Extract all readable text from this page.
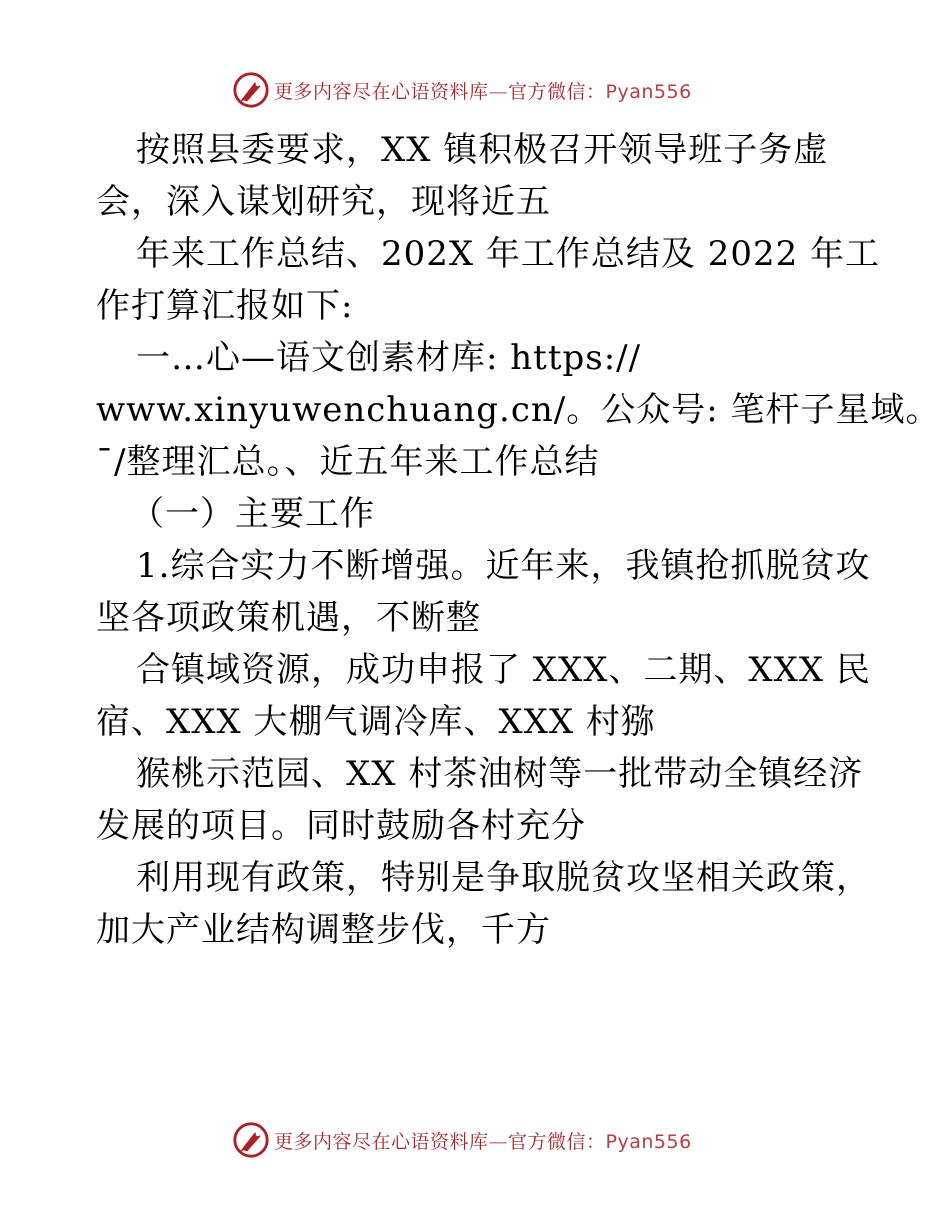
更多内容尽在心语资料库—官方微信：Pyan556
按照县委要求，XX 镇积极召开领导班子务虚
会，深入谋划研究，现将近五
年来工作总结、202X 年工作总结及 2022 年工
作打算汇报如下:
一…心—语文创素材库: https://
www.xinyuwenchuang.cn/。公众号: 笔杆子星域。
¯/整理汇总。、近五年来工作总结
（一）主要工作
1.综合实力不断增强。近年来，我镇抢抓脱贫攻
坚各项政策机遇，不断整
合镇域资源，成功申报了 XXX、二期、XXX 民
宿、XXX 大棚气调冷库、XXX 村猕
猴桃示范园、XX 村茶油树等一批带动全镇经济
发展的项目。同时鼓励各村充分
利用现有政策，特别是争取脱贫攻坚相关政策，
加大产业结构调整步伐，千方
更多内容尽在心语资料库—官方微信：Pyan556
